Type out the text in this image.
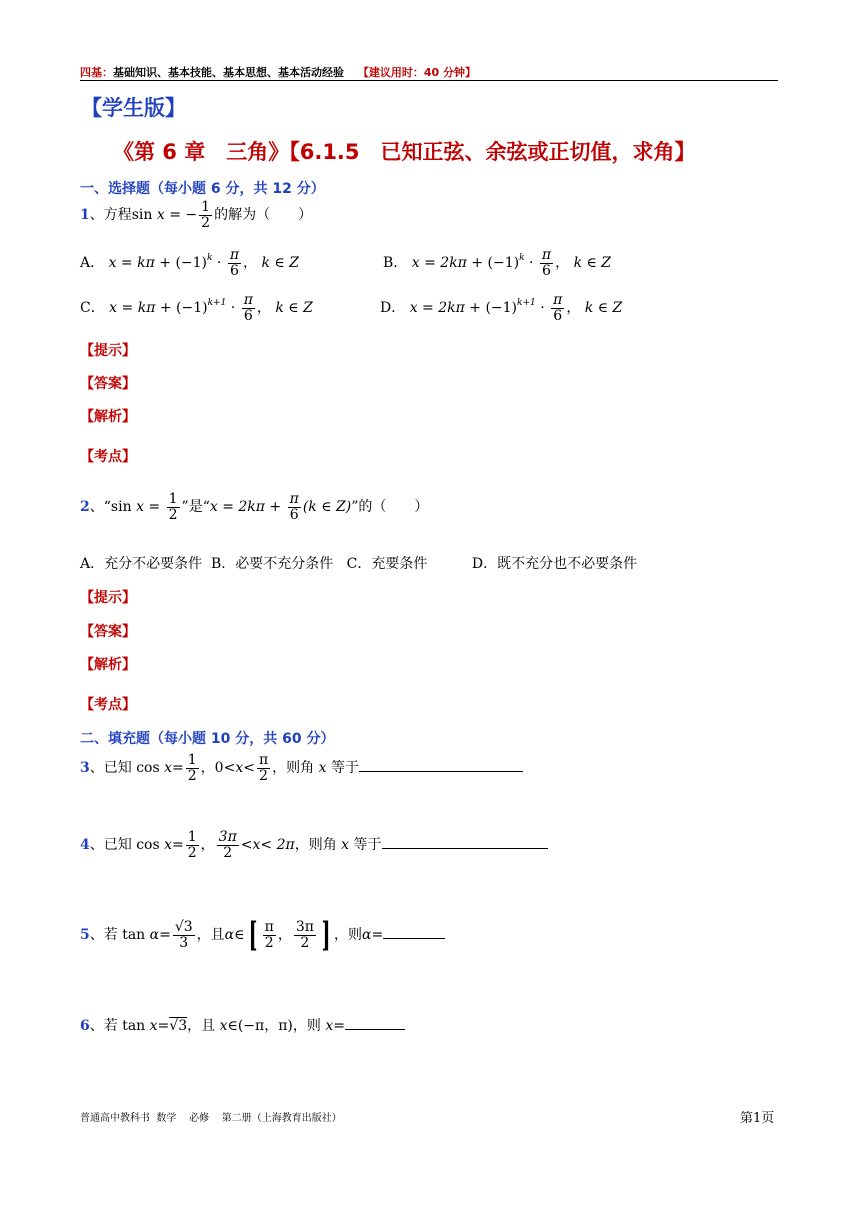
四基：基础知识、基本技能、基本思想、基本活动经验 【建议用时：40 分钟】
【学生版】
《第 6 章　三角》【6.1.5　已知正弦、余弦或正切值，求角】
一、选择题（每小题 6 分，共 12 分）
1、方程sin x = − $\frac{1}{2}$ 的解为（　　）
A． $x = k\pi + (-1)^k \cdot \frac{\pi}{6}$ ， k ∈ Z	B． $x = 2k\pi + (-1)^k \cdot \frac{\pi}{6}$ ， k ∈ Z
C． $x = k\pi + (-1)^{k+1} \cdot \frac{\pi}{6}$ ， k ∈ Z	D． $x = 2k\pi + (-1)^{k+1} \cdot \frac{\pi}{6}$ ， k ∈ Z
【提示】
【答案】
【解析】
【考点】
2、“sin $x = \frac{1}{2}$ ”是“$x = 2k\pi + \frac{\pi}{6} (k$ ∈ Z)”的（　　）
A．充分不必要条件  B．必要不充分条件   C．充要条件          D．既不充分也不必要条件
【提示】
【答案】
【解析】
【考点】
二、填充题（每小题 10 分，共 60 分）
3、已知 $\cos x= \frac{1}{2}$ ，$0<x< \frac{\pi}{2}$ ，则角 x 等于
4、已知 $\cos x= \frac{1}{2}$ ， $\frac{3\pi}{2} <x< 2\pi$，则角 x 等于
5、若 $\tan \alpha= \frac{√3}{3}$ ，且α∈ [ $\frac{\pi}{2}$ ， $\frac{3\pi}{2}$ ] ，则α=
6、若 tan x=√3，且 x∈(−π，π)，则 x=
普通高中教科书  数学    必修    第二册（上海教育出版社）	第1页
